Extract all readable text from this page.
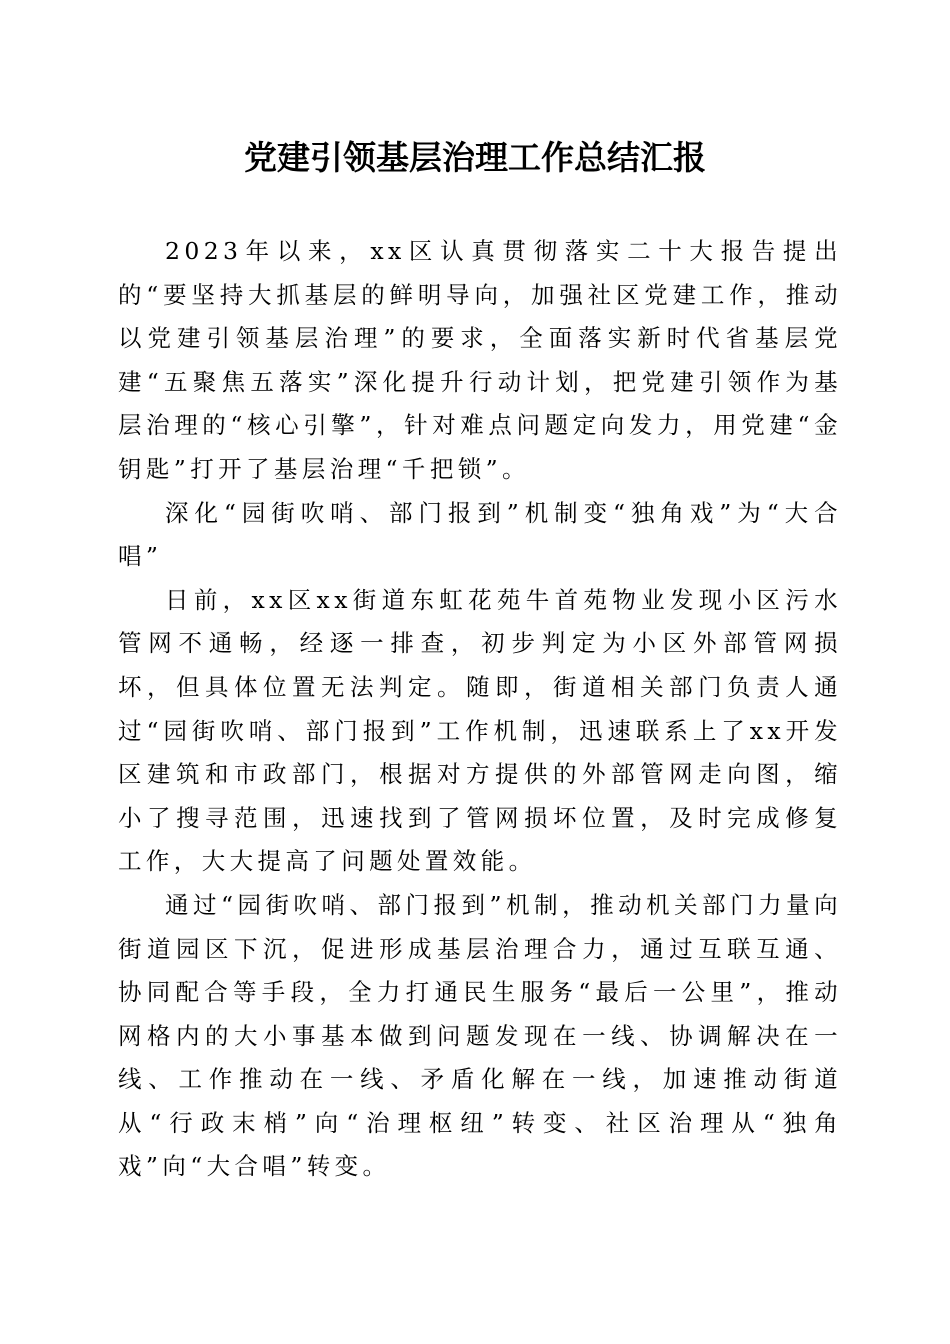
党建引领基层治理工作总结汇报

2023年以来，xx区认真贯彻落实二十大报告提出的“要坚持大抓基层的鲜明导向，加强社区党建工作，推动以党建引领基层治理”的要求，全面落实新时代省基层党建“五聚焦五落实”深化提升行动计划，把党建引领作为基层治理的“核心引擎”，针对难点问题定向发力，用党建“金钥匙”打开了基层治理“千把锁”。

深化“园街吹哨、部门报到”机制变“独角戏”为“大合唱”

日前，xx区xx街道东虹花苑牛首苑物业发现小区污水管网不通畅，经逐一排查，初步判定为小区外部管网损坏，但具体位置无法判定。随即，街道相关部门负责人通过“园街吹哨、部门报到”工作机制，迅速联系上了xx开发区建筑和市政部门，根据对方提供的外部管网走向图，缩小了搜寻范围，迅速找到了管网损坏位置，及时完成修复工作，大大提高了问题处置效能。

通过“园街吹哨、部门报到”机制，推动机关部门力量向街道园区下沉，促进形成基层治理合力，通过互联互通、协同配合等手段，全力打通民生服务“最后一公里”，推动网格内的大小事基本做到问题发现在一线、协调解决在一线、工作推动在一线、矛盾化解在一线，加速推动街道从“行政末梢”向“治理枢纽”转变、社区治理从“独角戏”向“大合唱”转变。
